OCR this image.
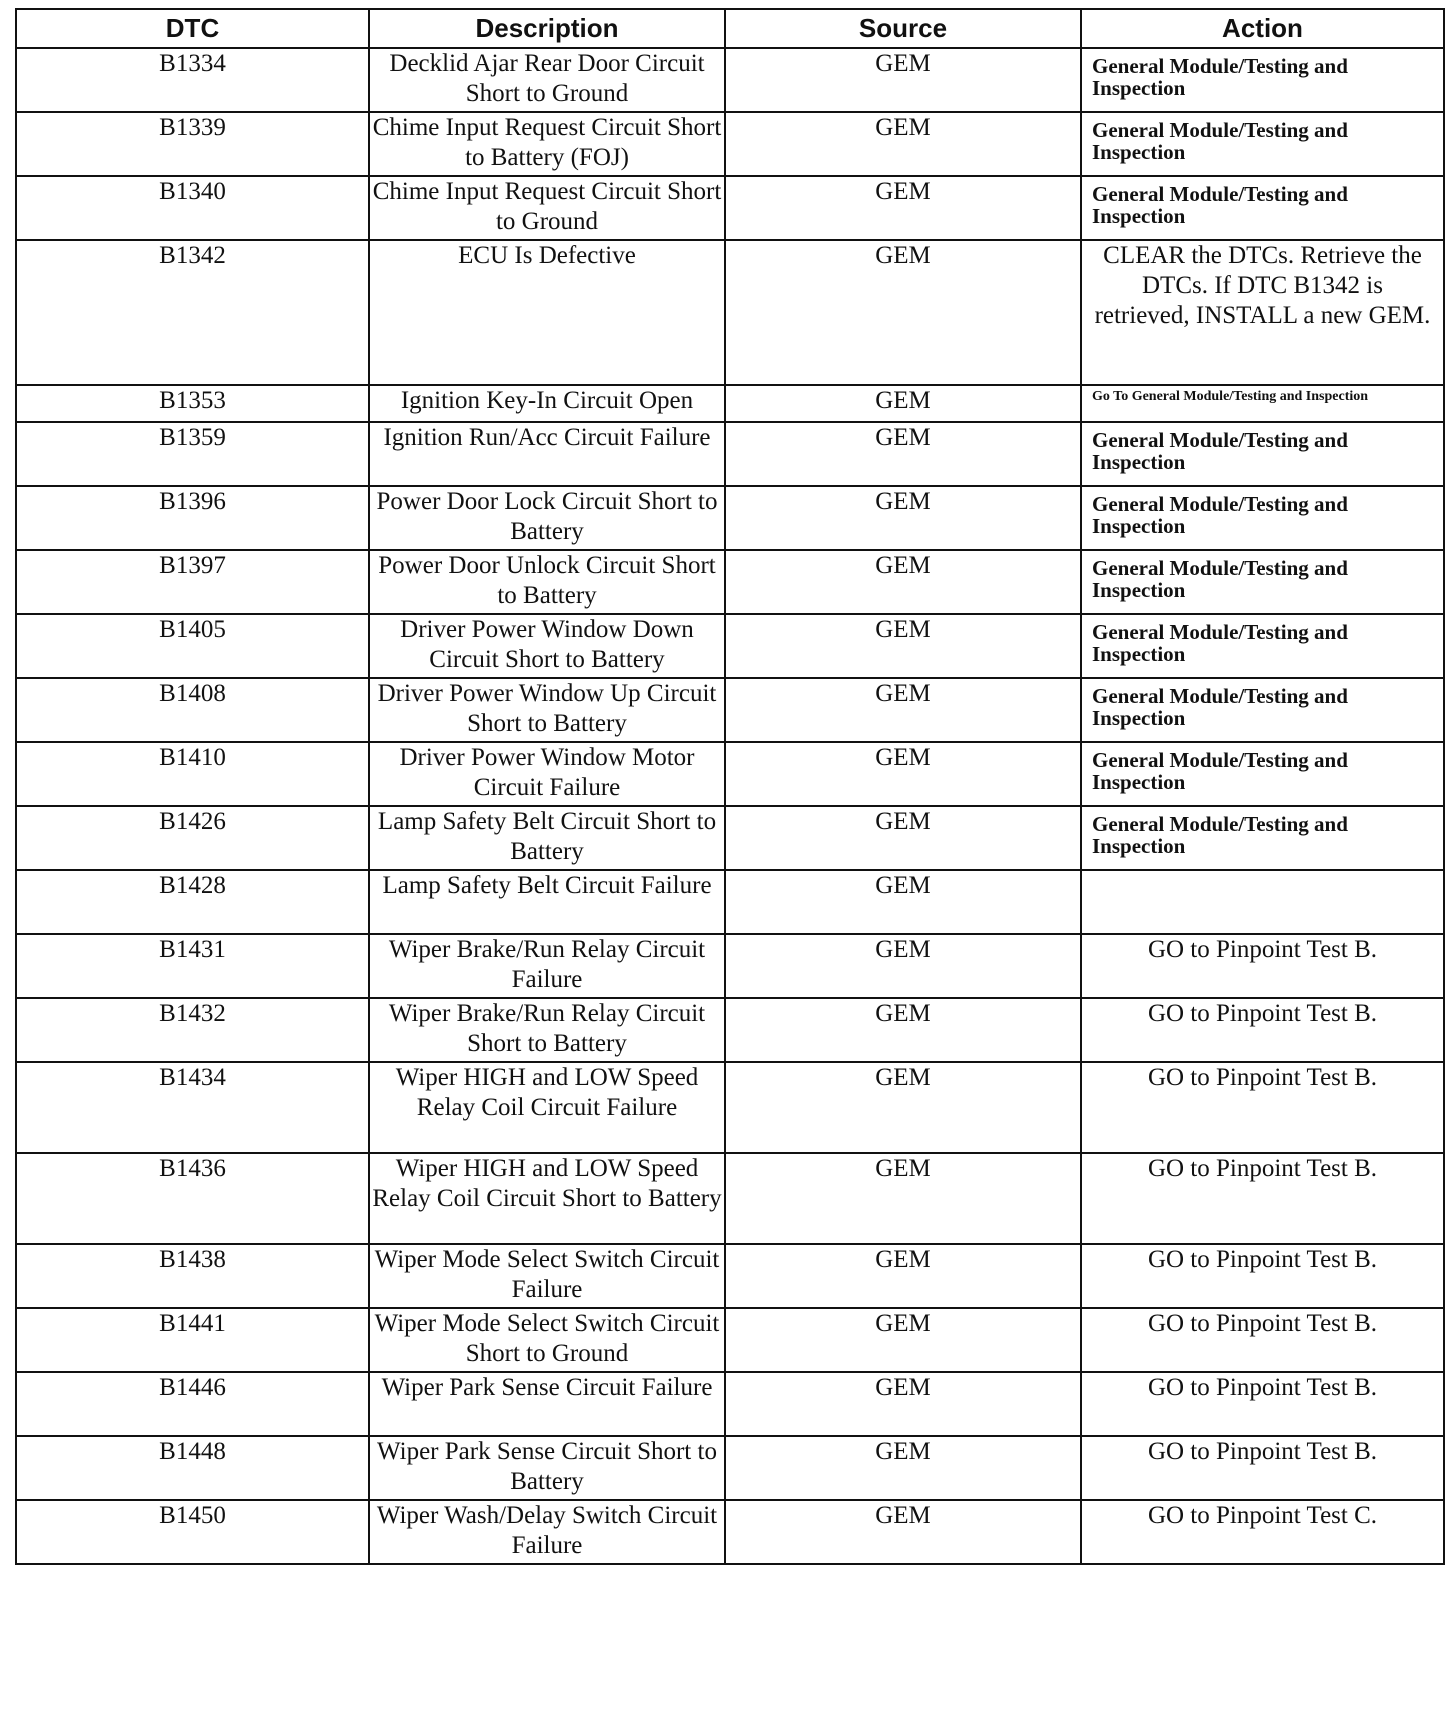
DTC	Description	Source	Action
B1334	Decklid Ajar Rear Door Circuit Short to Ground	GEM	General Module/Testing and Inspection

B1339	Chime Input Request Circuit Short to Battery (FOJ)	GEM	General Module/Testing and Inspection

B1340	Chime Input Request Circuit Short to Ground	GEM	General Module/Testing and Inspection

B1342	ECU Is Defective	GEM	CLEAR the DTCs. Retrieve the DTCs. If DTC B1342 is retrieved, INSTALL a new GEM.

B1353	Ignition Key-In Circuit Open	GEM	Go To General Module/Testing and Inspection

B1359	Ignition Run/Acc Circuit Failure	GEM	General Module/Testing and Inspection

B1396	Power Door Lock Circuit Short to Battery	GEM	General Module/Testing and Inspection

B1397	Power Door Unlock Circuit Short to Battery	GEM	General Module/Testing and Inspection

B1405	Driver Power Window Down Circuit Short to Battery	GEM	General Module/Testing and Inspection

B1408	Driver Power Window Up Circuit Short to Battery	GEM	General Module/Testing and Inspection

B1410	Driver Power Window Motor Circuit Failure	GEM	General Module/Testing and Inspection

B1426	Lamp Safety Belt Circuit Short to Battery	GEM	General Module/Testing and Inspection

B1428	Lamp Safety Belt Circuit Failure	GEM	

B1431	Wiper Brake/Run Relay Circuit Failure	GEM	GO to Pinpoint Test B.

B1432	Wiper Brake/Run Relay Circuit Short to Battery	GEM	GO to Pinpoint Test B.

B1434	Wiper HIGH and LOW Speed Relay Coil Circuit Failure	GEM	GO to Pinpoint Test B.

B1436	Wiper HIGH and LOW Speed Relay Coil Circuit Short to Battery	GEM	GO to Pinpoint Test B.

B1438	Wiper Mode Select Switch Circuit Failure	GEM	GO to Pinpoint Test B.

B1441	Wiper Mode Select Switch Circuit Short to Ground	GEM	GO to Pinpoint Test B.

B1446	Wiper Park Sense Circuit Failure	GEM	GO to Pinpoint Test B.

B1448	Wiper Park Sense Circuit Short to Battery	GEM	GO to Pinpoint Test B.

B1450	Wiper Wash/Delay Switch Circuit Failure	GEM	GO to Pinpoint Test C.
